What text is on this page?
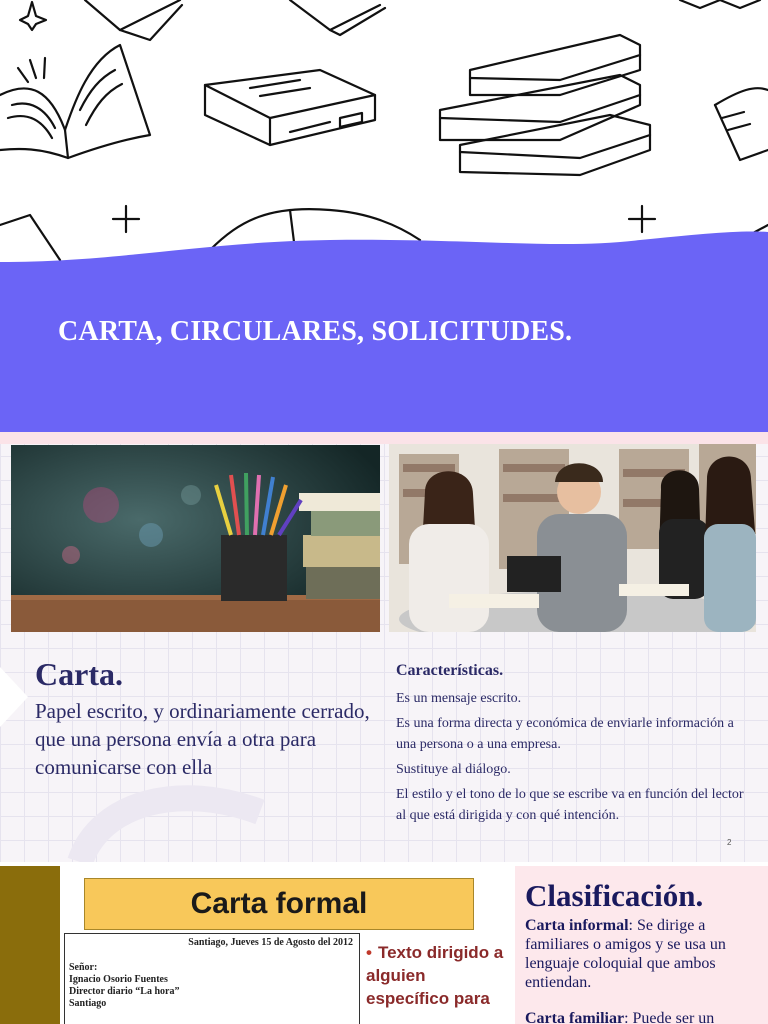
CARTA, CIRCULARES, SOLICITUDES.
Carta.

Papel escrito, y ordinariamente cerrado, que una persona envía a otra para comunicarse con ella

Características.
Es un mensaje escrito.
Es una forma directa y económica de enviarle información a una persona o a una empresa.
Sustituye al diálogo.
El estilo y el tono de lo que se escribe va en función del lector al que está dirigida y con qué intención.
2
Carta formal
Santiago, Jueves 15 de Agosto del 2012
Señor:
Ignacio Osorio Fuentes
Director diario “La hora”
Santiago
• Texto dirigido a alguien específico para
Clasificación.

Carta informal: Se dirige a familiares o amigos y se usa un lenguaje coloquial que ambos entiendan.

Carta familiar: Puede ser un
